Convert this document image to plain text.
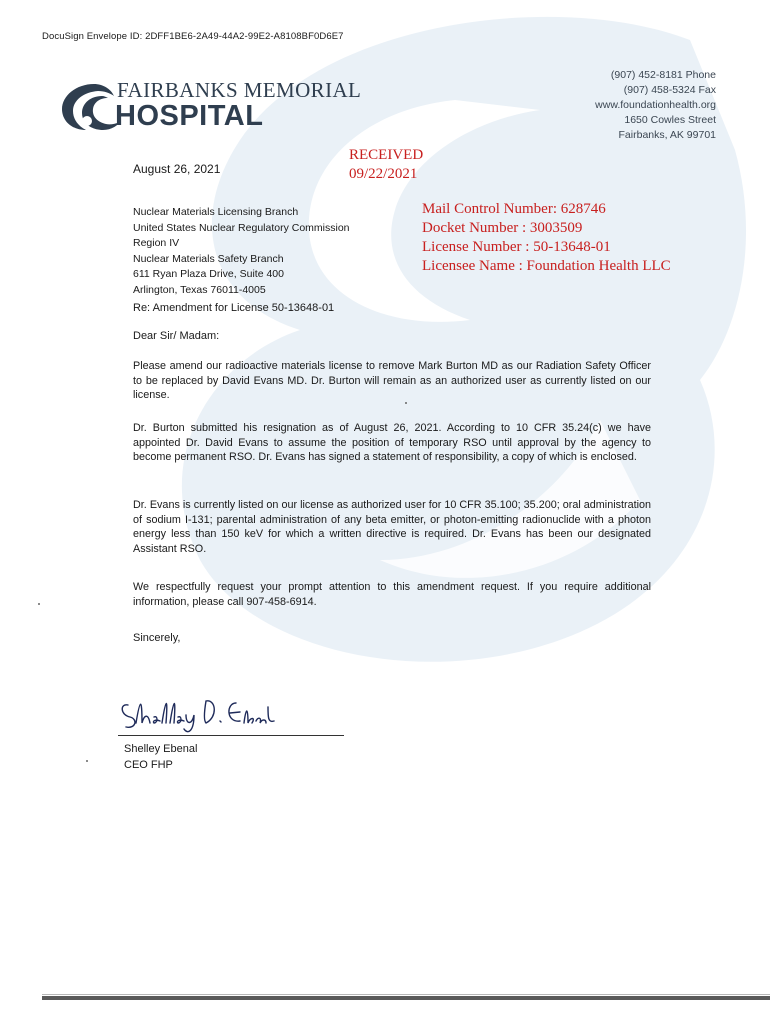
DocuSign Envelope ID: 2DFF1BE6-2A49-44A2-99E2-A8108BF0D6E7
FAIRBANKS MEMORIAL
HOSPITAL
(907) 452-8181 Phone
(907) 458-5324 Fax
www.foundationhealth.org
1650 Cowles Street
Fairbanks, AK 99701
RECEIVED
09/22/2021
August 26, 2021
Nuclear Materials Licensing Branch
United States Nuclear Regulatory Commission
Region IV
Nuclear Materials Safety Branch
611 Ryan Plaza Drive, Suite 400
Arlington, Texas 76011-4005
Mail Control Number: 628746
Docket Number : 3003509
License Number : 50-13648-01
Licensee Name : Foundation Health LLC
Re: Amendment for License 50-13648-01
Dear Sir/ Madam:
Please amend our radioactive materials license to remove Mark Burton MD as our Radiation Safety Officer to be replaced by David Evans MD. Dr. Burton will remain as an authorized user as currently listed on our license.
Dr. Burton submitted his resignation as of August 26, 2021. According to 10 CFR 35.24(c) we have appointed Dr. David Evans to assume the position of temporary RSO until approval by the agency to become permanent RSO. Dr. Evans has signed a statement of responsibility, a copy of which is enclosed.
Dr. Evans is currently listed on our license as authorized user for 10 CFR 35.100; 35.200; oral administration of sodium I-131; parental administration of any beta emitter, or photon-emitting radionuclide with a photon energy less than 150 keV for which a written directive is required. Dr. Evans has been our designated Assistant RSO.
We respectfully request your prompt attention to this amendment request. If you require additional information, please call 907-458-6914.
Sincerely,
Shelley Ebenal
CEO FHP
